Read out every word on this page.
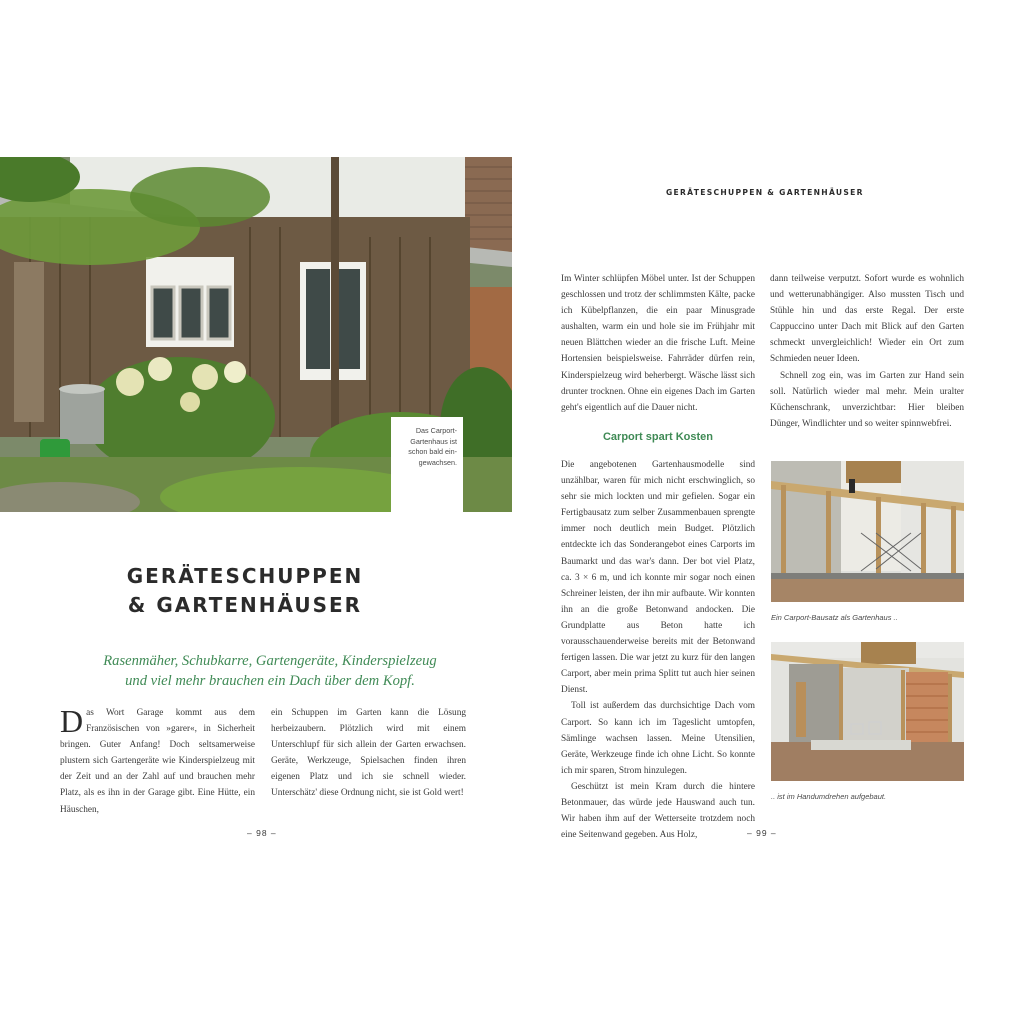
Das Carport-Gartenhaus ist schon bald ein-gewachsen.
GERÄTESCHUPPEN
& GARTENHÄUSER
Rasenmäher, Schubkarre, Gartengeräte, Kinderspielzeug
und viel mehr brauchen ein Dach über dem Kopf.

Das Wort Garage kommt aus dem Französischen von »garer«, in Sicherheit bringen. Guter Anfang! Doch seltsamerweise plustern sich Gartengeräte wie Kinderspielzeug mit der Zeit und an der Zahl auf und brauchen mehr Platz, als es ihn in der Garage gibt. Eine Hütte, ein Häuschen,

ein Schuppen im Garten kann die Lösung herbeizaubern. Plötzlich wird mit einem Unterschlupf für sich allein der Garten erwachsen. Geräte, Werkzeuge, Spielsachen finden ihren eigenen Platz und ich sie schnell wieder. Unterschätz' diese Ordnung nicht, sie ist Gold wert!

– 98 –
GERÄTESCHUPPEN & GARTENHÄUSER

Im Winter schlüpfen Möbel unter. Ist der Schuppen geschlossen und trotz der schlimmsten Kälte, packe ich Kübelpflanzen, die ein paar Minusgrade aushalten, warm ein und hole sie im Frühjahr mit neuen Blättchen wieder an die frische Luft. Meine Hortensien beispielsweise. Fahrräder dürfen rein, Kinderspielzeug wird beherbergt. Wäsche lässt sich drunter trocknen. Ohne ein eigenes Dach im Garten geht's eigentlich auf die Dauer nicht.

Carport spart Kosten

Die angebotenen Gartenhausmodelle sind unzählbar, waren für mich nicht erschwinglich, so sehr sie mich lockten und mir gefielen. Sogar ein Fertigbausatz zum selber Zusammenbauen sprengte immer noch deutlich mein Budget. Plötzlich entdeckte ich das Sonderangebot eines Carports im Baumarkt und das war's dann. Der bot viel Platz, ca. 3 × 6 m, und ich konnte mir sogar noch einen Schreiner leisten, der ihn mir aufbaute. Wir konnten ihn an die große Betonwand andocken. Die Grundplatte aus Beton hatte ich vorausschauenderweise bereits mit der Betonwand fertigen lassen. Die war jetzt zu kurz für den langen Carport, aber mein prima Splitt tut auch hier seinen Dienst.

Toll ist außerdem das durchsichtige Dach vom Carport. So kann ich im Tageslicht umtopfen, Sämlinge wachsen lassen. Meine Utensilien, Geräte, Werkzeuge finde ich ohne Licht. So konnte ich mir sparen, Strom hinzulegen.

Geschützt ist mein Kram durch die hintere Betonmauer, das würde jede Hauswand auch tun. Wir haben ihm auf der Wetterseite trotzdem noch eine Seitenwand gegeben. Aus Holz,

dann teilweise verputzt. Sofort wurde es wohnlich und wetterunabhängiger. Also mussten Tisch und Stühle hin und das erste Regal. Der erste Cappuccino unter Dach mit Blick auf den Garten schmeckt unvergleichlich! Wieder ein Ort zum Schmieden neuer Ideen.

Schnell zog ein, was im Garten zur Hand sein soll. Natürlich wieder mal mehr. Mein uralter Küchenschrank, unverzichtbar: Hier bleiben Dünger, Windlichter und so weiter spinnwebfrei.

Ein Carport-Bausatz als Gartenhaus ..
.. ist im Handumdrehen aufgebaut.
– 99 –
